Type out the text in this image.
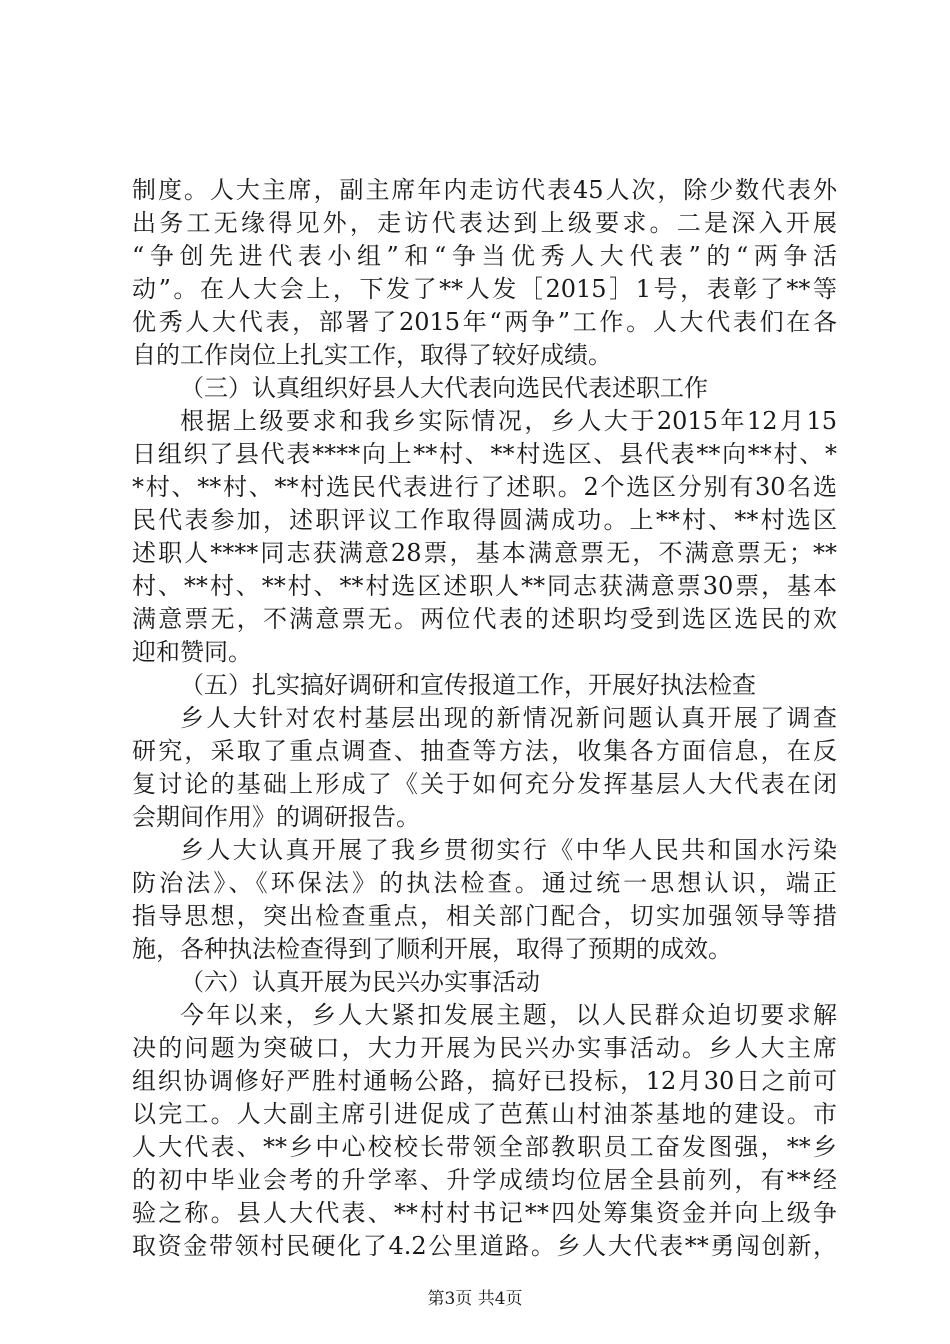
制度。人大主席，副主席年内走访代表45人次，除少数代表外
出务工无缘得见外，走访代表达到上级要求。二是深入开展
“争创先进代表小组”和“争当优秀人大代表”的“两争活
动”。在人大会上，下发了**人发［2015］1号，表彰了**等
优秀人大代表，部署了2015年“两争”工作。人大代表们在各
自的工作岗位上扎实工作，取得了较好成绩。
（三）认真组织好县人大代表向选民代表述职工作
根据上级要求和我乡实际情况，乡人大于2015年12月15
日组织了县代表****向上**村、**村选区、县代表**向**村、*
*村、**村、**村选民代表进行了述职。2个选区分别有30名选
民代表参加，述职评议工作取得圆满成功。上**村、**村选区
述职人****同志获满意28票，基本满意票无，不满意票无；**
村、**村、**村、**村选区述职人**同志获满意票30票，基本
满意票无，不满意票无。两位代表的述职均受到选区选民的欢
迎和赞同。
（五）扎实搞好调研和宣传报道工作，开展好执法检查
乡人大针对农村基层出现的新情况新问题认真开展了调查
研究，采取了重点调查、抽查等方法，收集各方面信息，在反
复讨论的基础上形成了《关于如何充分发挥基层人大代表在闭
会期间作用》的调研报告。
乡人大认真开展了我乡贯彻实行《中华人民共和国水污染
防治法》、《环保法》的执法检查。通过统一思想认识，端正
指导思想，突出检查重点，相关部门配合，切实加强领导等措
施，各种执法检查得到了顺利开展，取得了预期的成效。
（六）认真开展为民兴办实事活动
今年以来，乡人大紧扣发展主题，以人民群众迫切要求解
决的问题为突破口，大力开展为民兴办实事活动。乡人大主席
组织协调修好严胜村通畅公路，搞好已投标，12月30日之前可
以完工。人大副主席引进促成了芭蕉山村油茶基地的建设。市
人大代表、**乡中心校校长带领全部教职员工奋发图强，**乡
的初中毕业会考的升学率、升学成绩均位居全县前列，有**经
验之称。县人大代表、**村村书记**四处筹集资金并向上级争
取资金带领村民硬化了4.2公里道路。乡人大代表**勇闯创新，
第3页 共4页
